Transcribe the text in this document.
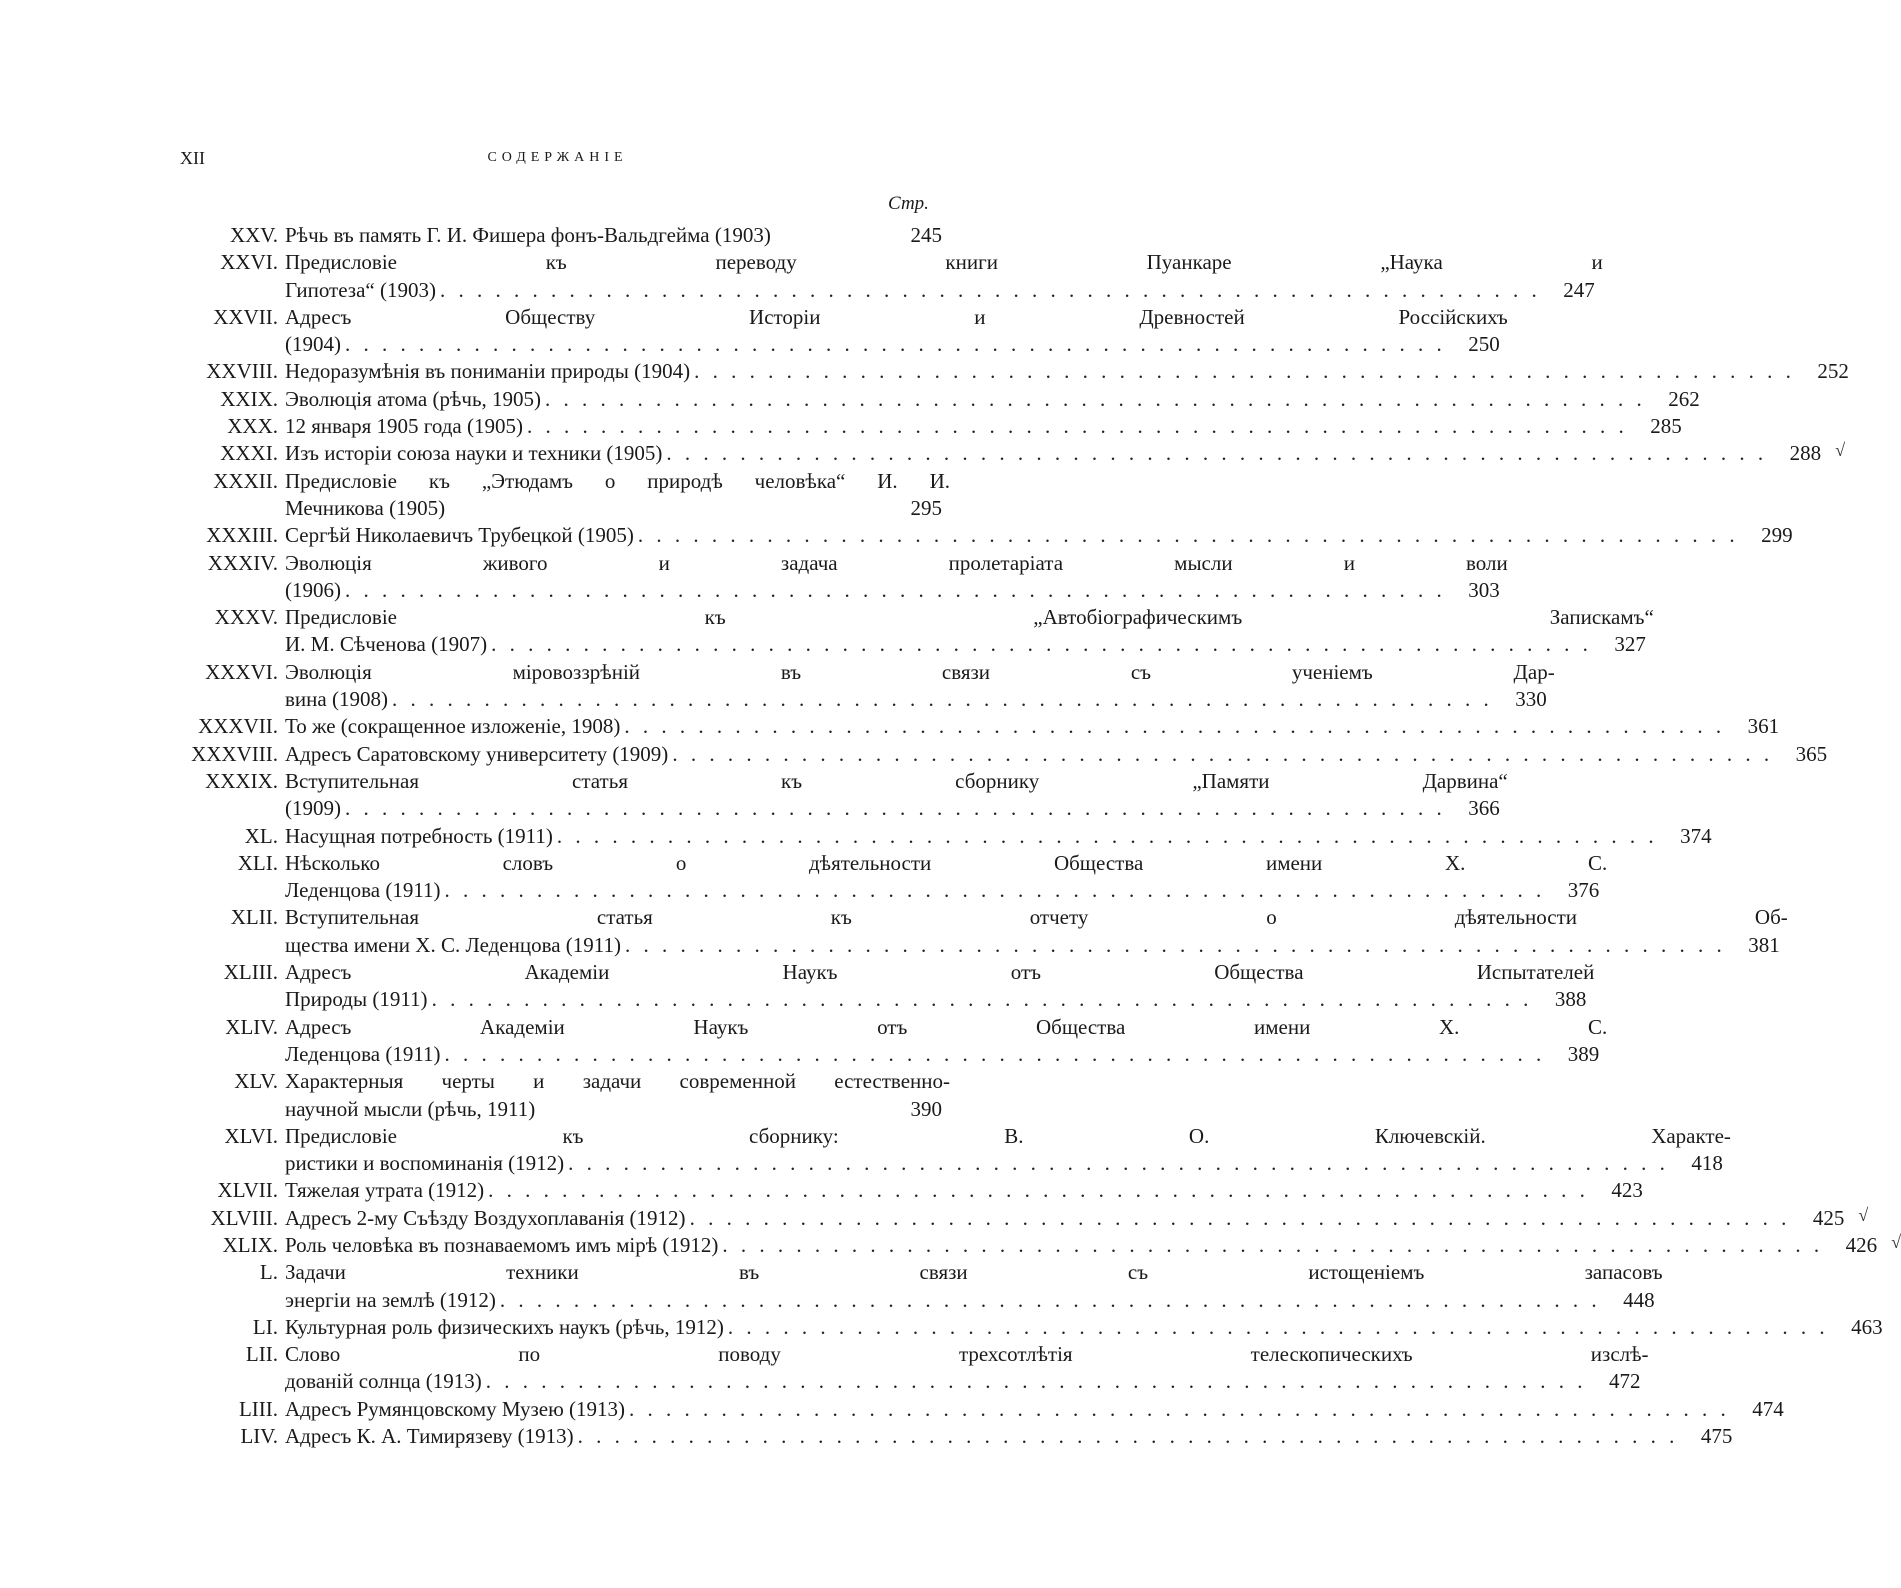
XII	СОДЕРЖАНІЕ
Стр.
XXV. Рѣчь въ память Г. И. Фишера фонъ-Вальдгейма (1903)	245
XXVI. Предисловіе къ переводу книги Пуанкаре „Наука и
Гипотеза“ (1903) . . . . . . . . . . . . . . . . . . . . . . . . . . . . . . . . . . . . . . . . . . . . . . . . . . . . . . . . . . . .	247
XXVII. Адресъ Обществу Исторіи и Древностей Россійскихъ
(1904) . . . . . . . . . . . . . . . . . . . . . . . . . . . . . . . . . . . . . . . . . . . . . . . . . . . . . . . . . . . .	250
XXVIII. Недоразумѣнія въ пониманіи природы (1904) . . . . . . . . . . . . . . . . . . . . . . . . . . . . . . . . . . . . . . . . . . . . . . . . . . . . . . . . . . . .	252
XXIX. Эволюція атома (рѣчь, 1905) . . . . . . . . . . . . . . . . . . . . . . . . . . . . . . . . . . . . . . . . . . . . . . . . . . . . . . . . . . . .	262
XXX. 12 января 1905 года (1905) . . . . . . . . . . . . . . . . . . . . . . . . . . . . . . . . . . . . . . . . . . . . . . . . . . . . . . . . . . . .	285
XXXI. Изъ исторіи союза науки и техники (1905) . . . . . . . . . . . . . . . . . . . . . . . . . . . . . . . . . . . . . . . . . . . . . . . . . . . . . . . . . . . .	288 √
XXXII. Предисловіе къ „Этюдамъ о природѣ человѣка“ И. И.
Мечникова (1905)	295
XXXIII. Сергѣй Николаевичъ Трубецкой (1905) . . . . . . . . . . . . . . . . . . . . . . . . . . . . . . . . . . . . . . . . . . . . . . . . . . . . . . . . . . . .	299
XXXIV. Эволюція живого и задача пролетаріата мысли и воли
(1906) . . . . . . . . . . . . . . . . . . . . . . . . . . . . . . . . . . . . . . . . . . . . . . . . . . . . . . . . . . . .	303
XXXV. Предисловіе къ „Автобіографическимъ Запискамъ“
И. М. Сѣченова (1907) . . . . . . . . . . . . . . . . . . . . . . . . . . . . . . . . . . . . . . . . . . . . . . . . . . . . . . . . . . . .	327
XXXVI. Эволюція міровоззрѣній въ связи съ ученіемъ Дар-
вина (1908) . . . . . . . . . . . . . . . . . . . . . . . . . . . . . . . . . . . . . . . . . . . . . . . . . . . . . . . . . . . .	330
XXXVII. То же (сокращенное изложеніе, 1908) . . . . . . . . . . . . . . . . . . . . . . . . . . . . . . . . . . . . . . . . . . . . . . . . . . . . . . . . . . . .	361
XXXVIII. Адресъ Саратовскому университету (1909) . . . . . . . . . . . . . . . . . . . . . . . . . . . . . . . . . . . . . . . . . . . . . . . . . . . . . . . . . . . .	365
XXXIX. Вступительная статья къ сборнику „Памяти Дарвина“
(1909) . . . . . . . . . . . . . . . . . . . . . . . . . . . . . . . . . . . . . . . . . . . . . . . . . . . . . . . . . . . .	366
XL. Насущная потребность (1911) . . . . . . . . . . . . . . . . . . . . . . . . . . . . . . . . . . . . . . . . . . . . . . . . . . . . . . . . . . . .	374
XLI. Нѣсколько словъ о дѣятельности Общества имени Х. С.
Леденцова (1911) . . . . . . . . . . . . . . . . . . . . . . . . . . . . . . . . . . . . . . . . . . . . . . . . . . . . . . . . . . . .	376
XLII. Вступительная статья къ отчету о дѣятельности Об-
щества имени Х. С. Леденцова (1911) . . . . . . . . . . . . . . . . . . . . . . . . . . . . . . . . . . . . . . . . . . . . . . . . . . . . . . . . . . . .	381
XLIII. Адресъ Академіи Наукъ отъ Общества Испытателей
Природы (1911) . . . . . . . . . . . . . . . . . . . . . . . . . . . . . . . . . . . . . . . . . . . . . . . . . . . . . . . . . . . .	388
XLIV. Адресъ Академіи Наукъ отъ Общества имени Х. С.
Леденцова (1911) . . . . . . . . . . . . . . . . . . . . . . . . . . . . . . . . . . . . . . . . . . . . . . . . . . . . . . . . . . . .	389
XLV. Характерныя черты и задачи современной естественно-
научной мысли (рѣчь, 1911)	390
XLVI. Предисловіе къ сборнику: В. О. Ключевскій. Характе-
ристики и воспоминанія (1912) . . . . . . . . . . . . . . . . . . . . . . . . . . . . . . . . . . . . . . . . . . . . . . . . . . . . . . . . . . . .	418
XLVII. Тяжелая утрата (1912) . . . . . . . . . . . . . . . . . . . . . . . . . . . . . . . . . . . . . . . . . . . . . . . . . . . . . . . . . . . .	423
XLVIII. Адресъ 2-му Съѣзду Воздухоплаванія (1912) . . . . . . . . . . . . . . . . . . . . . . . . . . . . . . . . . . . . . . . . . . . . . . . . . . . . . . . . . . . .	425 √
XLIX. Роль человѣка въ познаваемомъ имъ мірѣ (1912) . . . . . . . . . . . . . . . . . . . . . . . . . . . . . . . . . . . . . . . . . . . . . . . . . . . . . . . . . . . .	426 √
L. Задачи техники въ связи съ истощеніемъ запасовъ
энергіи на землѣ (1912) . . . . . . . . . . . . . . . . . . . . . . . . . . . . . . . . . . . . . . . . . . . . . . . . . . . . . . . . . . . .	448
LI. Культурная роль физическихъ наукъ (рѣчь, 1912) . . . . . . . . . . . . . . . . . . . . . . . . . . . . . . . . . . . . . . . . . . . . . . . . . . . . . . . . . . . .	463
LII. Слово по поводу трехсотлѣтія телескопическихъ изслѣ-
дованій солнца (1913) . . . . . . . . . . . . . . . . . . . . . . . . . . . . . . . . . . . . . . . . . . . . . . . . . . . . . . . . . . . .	472
LIII. Адресъ Румянцовскому Музею (1913) . . . . . . . . . . . . . . . . . . . . . . . . . . . . . . . . . . . . . . . . . . . . . . . . . . . . . . . . . . . .	474
LIV. Адресъ К. А. Тимирязеву (1913) . . . . . . . . . . . . . . . . . . . . . . . . . . . . . . . . . . . . . . . . . . . . . . . . . . . . . . . . . . . .	475
